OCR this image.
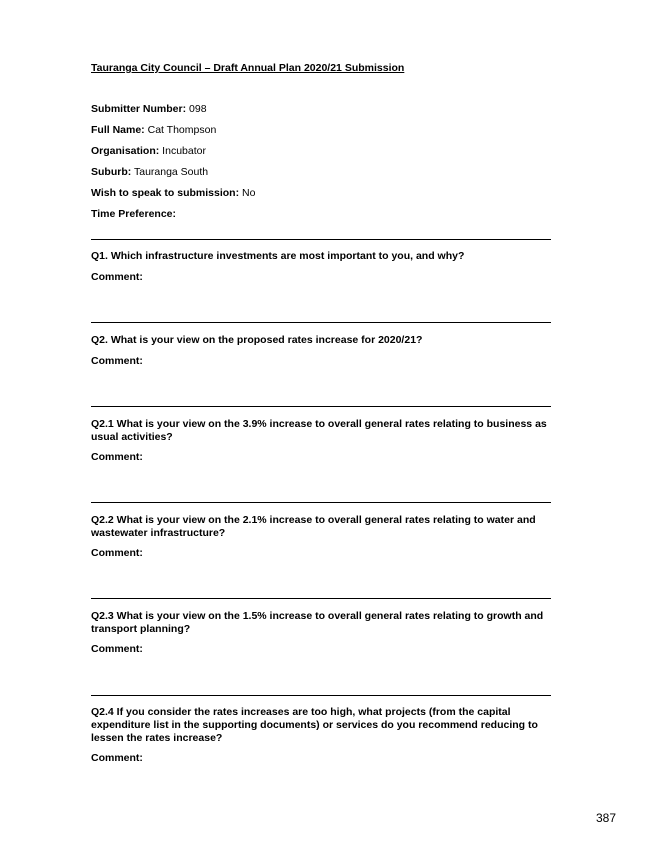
Tauranga City Council – Draft Annual Plan 2020/21 Submission
Submitter Number: 098
Full Name: Cat Thompson
Organisation: Incubator
Suburb: Tauranga South
Wish to speak to submission: No
Time Preference:
Q1. Which infrastructure investments are most important to you, and why?
Comment:
Q2. What is your view on the proposed rates increase for 2020/21?
Comment:
Q2.1 What is your view on the 3.9% increase to overall general rates relating to business as usual activities?
Comment:
Q2.2 What is your view on the 2.1% increase to overall general rates relating to water and wastewater infrastructure?
Comment:
Q2.3 What is your view on the 1.5% increase to overall general rates relating to growth and transport planning?
Comment:
Q2.4 If you consider the rates increases are too high, what projects (from the capital expenditure list in the supporting documents) or services do you recommend reducing to lessen the rates increase?
Comment:
387
